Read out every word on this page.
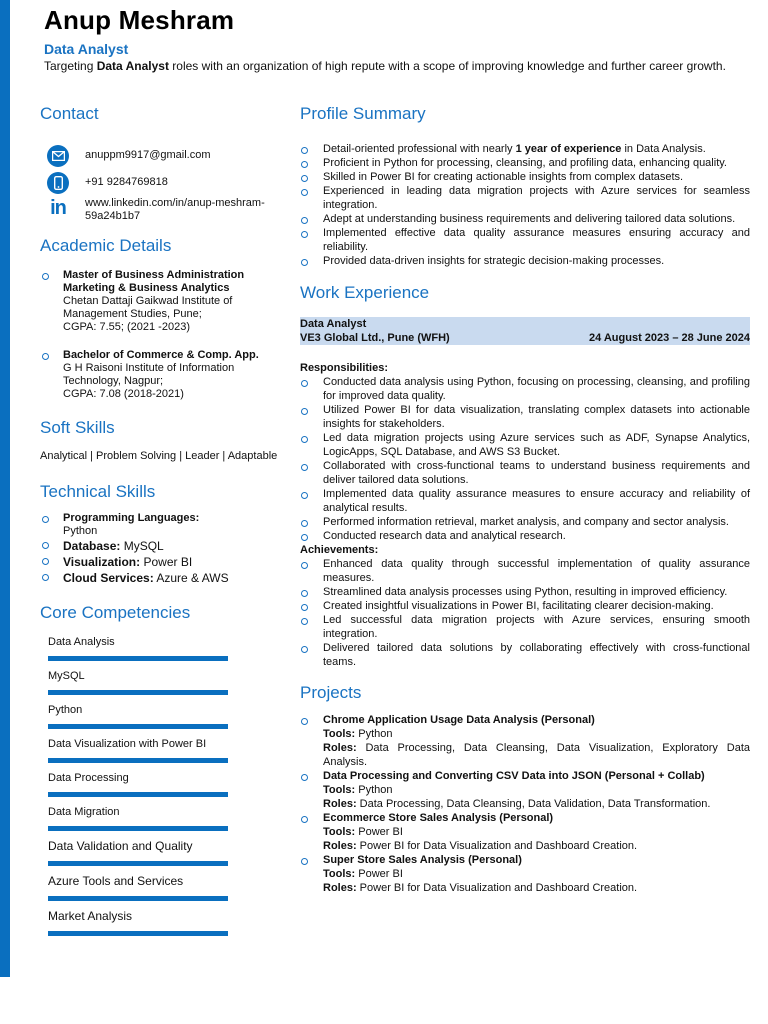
Anup Meshram
Data Analyst
Targeting Data Analyst roles with an organization of high repute with a scope of improving knowledge and further career growth.
Contact
anuppm9917@gmail.com
+91 9284769818
in www.linkedin.com/in/anup-meshram-59a24b1b7
Academic Details
Master of Business Administration
Marketing & Business Analytics
Chetan Dattaji Gaikwad Institute of Management Studies, Pune;
CGPA: 7.55; (2021 -2023)
Bachelor of Commerce & Comp. App.
G H Raisoni Institute of Information Technology, Nagpur;
CGPA: 7.08 (2018-2021)
Soft Skills
Analytical | Problem Solving | Leader | Adaptable
Technical Skills
Programming Languages:
Python
Database: MySQL
Visualization: Power BI
Cloud Services: Azure & AWS
Core Competencies
Data Analysis
MySQL
Python
Data Visualization with Power BI
Data Processing
Data Migration
Data Validation and Quality
Azure Tools and Services
Market Analysis
Profile Summary
Detail-oriented professional with nearly 1 year of experience in Data Analysis.
Proficient in Python for processing, cleansing, and profiling data, enhancing quality.
Skilled in Power BI for creating actionable insights from complex datasets.
Experienced in leading data migration projects with Azure services for seamless integration.
Adept at understanding business requirements and delivering tailored data solutions.
Implemented effective data quality assurance measures ensuring accuracy and reliability.
Provided data-driven insights for strategic decision-making processes.
Work Experience
Data Analyst
VE3 Global Ltd., Pune (WFH)	24 August 2023 – 28 June 2024
Responsibilities:
Conducted data analysis using Python, focusing on processing, cleansing, and profiling for improved data quality.
Utilized Power BI for data visualization, translating complex datasets into actionable insights for stakeholders.
Led data migration projects using Azure services such as ADF, Synapse Analytics, LogicApps, SQL Database, and AWS S3 Bucket.
Collaborated with cross-functional teams to understand business requirements and deliver tailored data solutions.
Implemented data quality assurance measures to ensure accuracy and reliability of analytical results.
Performed information retrieval, market analysis, and company and sector analysis.
Conducted research data and analytical research.
Achievements:
Enhanced data quality through successful implementation of quality assurance measures.
Streamlined data analysis processes using Python, resulting in improved efficiency.
Created insightful visualizations in Power BI, facilitating clearer decision-making.
Led successful data migration projects with Azure services, ensuring smooth integration.
Delivered tailored data solutions by collaborating effectively with cross-functional teams.
Projects
Chrome Application Usage Data Analysis (Personal)
Tools: Python
Roles: Data Processing, Data Cleansing, Data Visualization, Exploratory Data Analysis.
Data Processing and Converting CSV Data into JSON (Personal + Collab)
Tools: Python
Roles: Data Processing, Data Cleansing, Data Validation, Data Transformation.
Ecommerce Store Sales Analysis (Personal)
Tools: Power BI
Roles: Power BI for Data Visualization and Dashboard Creation.
Super Store Sales Analysis (Personal)
Tools: Power BI
Roles: Power BI for Data Visualization and Dashboard Creation.
